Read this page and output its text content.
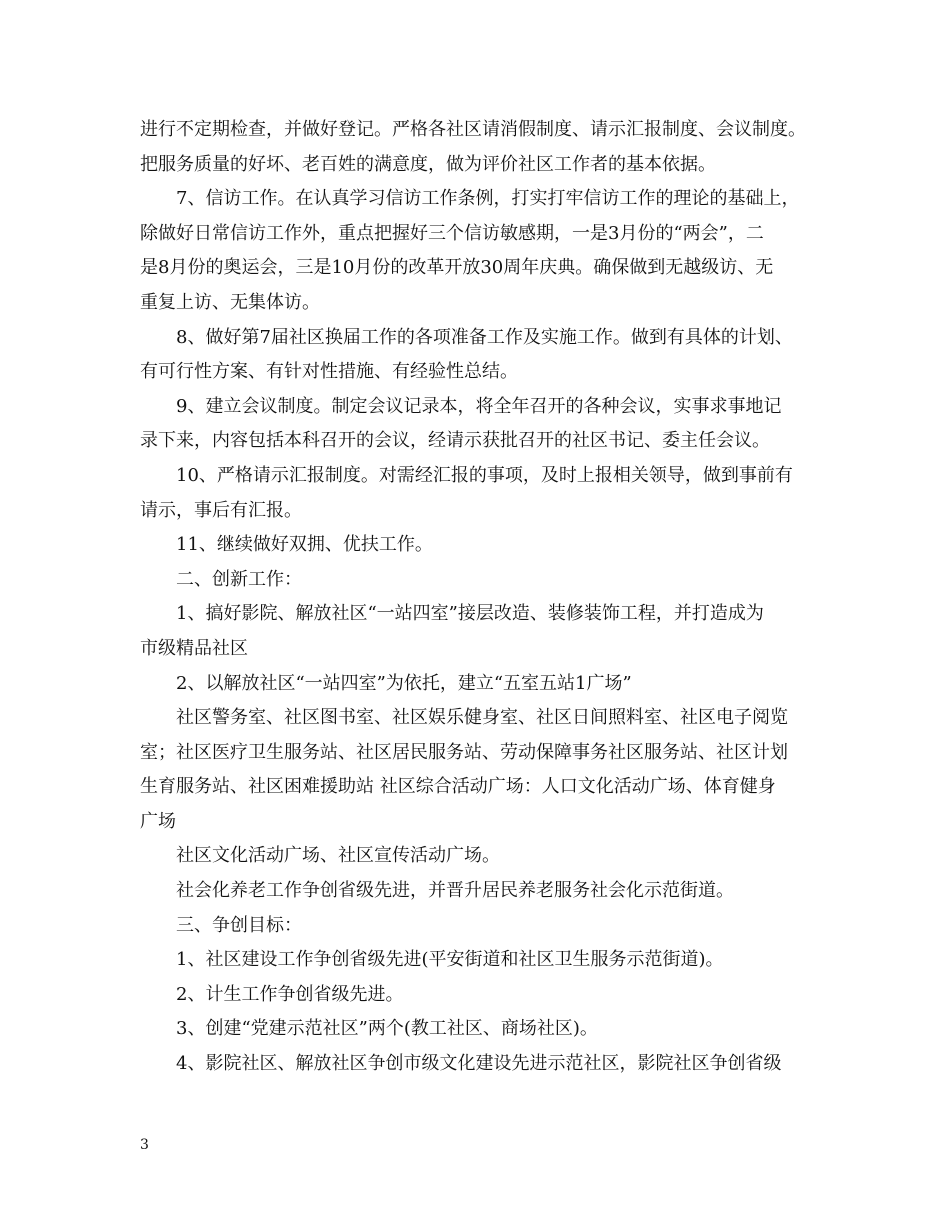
进行不定期检查，并做好登记。严格各社区请消假制度、请示汇报制度、会议制度。

把服务质量的好坏、老百姓的满意度，做为评价社区工作者的基本依据。

　　7、信访工作。在认真学习信访工作条例，打实打牢信访工作的理论的基础上，

除做好日常信访工作外，重点把握好三个信访敏感期，一是3月份的“两会”，二

是8月份的奥运会，三是10月份的改革开放30周年庆典。确保做到无越级访、无

重复上访、无集体访。

　　8、做好第7届社区换届工作的各项准备工作及实施工作。做到有具体的计划、

有可行性方案、有针对性措施、有经验性总结。

　　9、建立会议制度。制定会议记录本，将全年召开的各种会议，实事求事地记

录下来，内容包括本科召开的会议，经请示获批召开的社区书记、委主任会议。

　　10、严格请示汇报制度。对需经汇报的事项，及时上报相关领导，做到事前有

请示，事后有汇报。

　　11、继续做好双拥、优扶工作。

　　二、创新工作：

　　1、搞好影院、解放社区“一站四室”接层改造、装修装饰工程，并打造成为

市级精品社区

　　2、以解放社区“一站四室”为依托，建立“五室五站1广场”

　　社区警务室、社区图书室、社区娱乐健身室、社区日间照料室、社区电子阅览

室；社区医疗卫生服务站、社区居民服务站、劳动保障事务社区服务站、社区计划

生育服务站、社区困难援助站 社区综合活动广场：人口文化活动广场、体育健身

广场

　　社区文化活动广场、社区宣传活动广场。

　　社会化养老工作争创省级先进，并晋升居民养老服务社会化示范街道。

　　三、争创目标：

　　1、社区建设工作争创省级先进(平安街道和社区卫生服务示范街道)。

　　2、计生工作争创省级先进。

　　3、创建“党建示范社区”两个(教工社区、商场社区)。

　　4、影院社区、解放社区争创市级文化建设先进示范社区，影院社区争创省级

3
